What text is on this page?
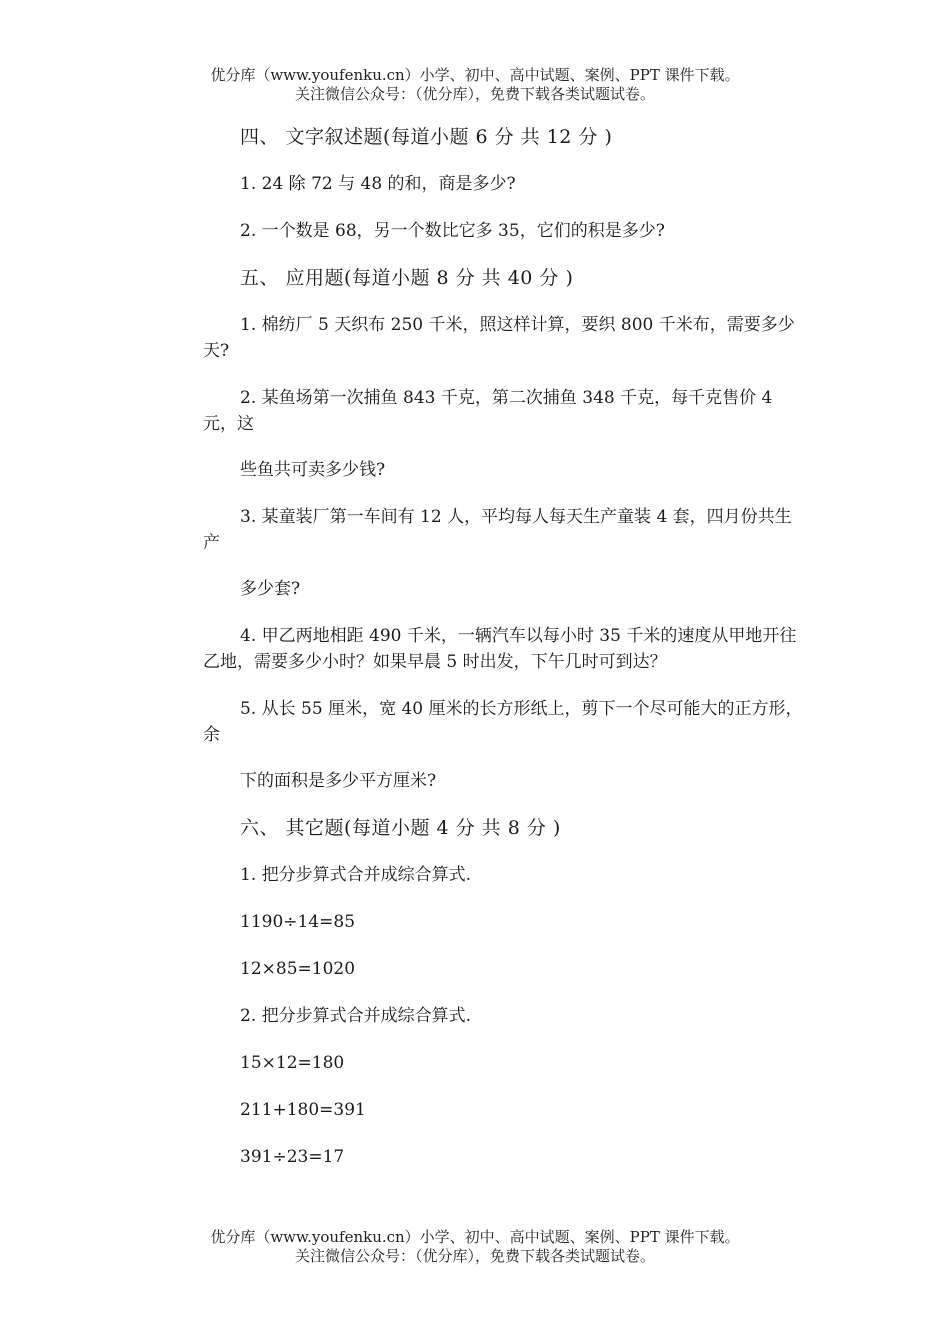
优分库（www.youfenku.cn）小学、初中、高中试题、案例、PPT 课件下载。
关注微信公众号：（优分库），免费下载各类试题试卷。
四、 文字叙述题(每道小题 6 分 共 12 分 )
1. 24 除 72 与 48 的和，商是多少?
2. 一个数是 68，另一个数比它多 35，它们的积是多少?
五、 应用题(每道小题 8 分 共 40 分 )
1. 棉纺厂 5 天织布 250 千米，照这样计算，要织 800 千米布，需要多少天?
2. 某鱼场第一次捕鱼 843 千克，第二次捕鱼 348 千克，每千克售价 4 元，这
些鱼共可卖多少钱?
3. 某童装厂第一车间有 12 人，平均每人每天生产童装 4 套，四月份共生产
多少套?
4. 甲乙两地相距 490 千米，一辆汽车以每小时 35 千米的速度从甲地开往乙地，需要多少小时？如果早晨 5 时出发，下午几时可到达？
5. 从长 55 厘米，宽 40 厘米的长方形纸上，剪下一个尽可能大的正方形，余
下的面积是多少平方厘米?
六、 其它题(每道小题 4 分 共 8 分 )
1. 把分步算式合并成综合算式.
1190÷14=85
12×85=1020
2. 把分步算式合并成综合算式.
15×12=180
211+180=391
391÷23=17
优分库（www.youfenku.cn）小学、初中、高中试题、案例、PPT 课件下载。
关注微信公众号：（优分库），免费下载各类试题试卷。
